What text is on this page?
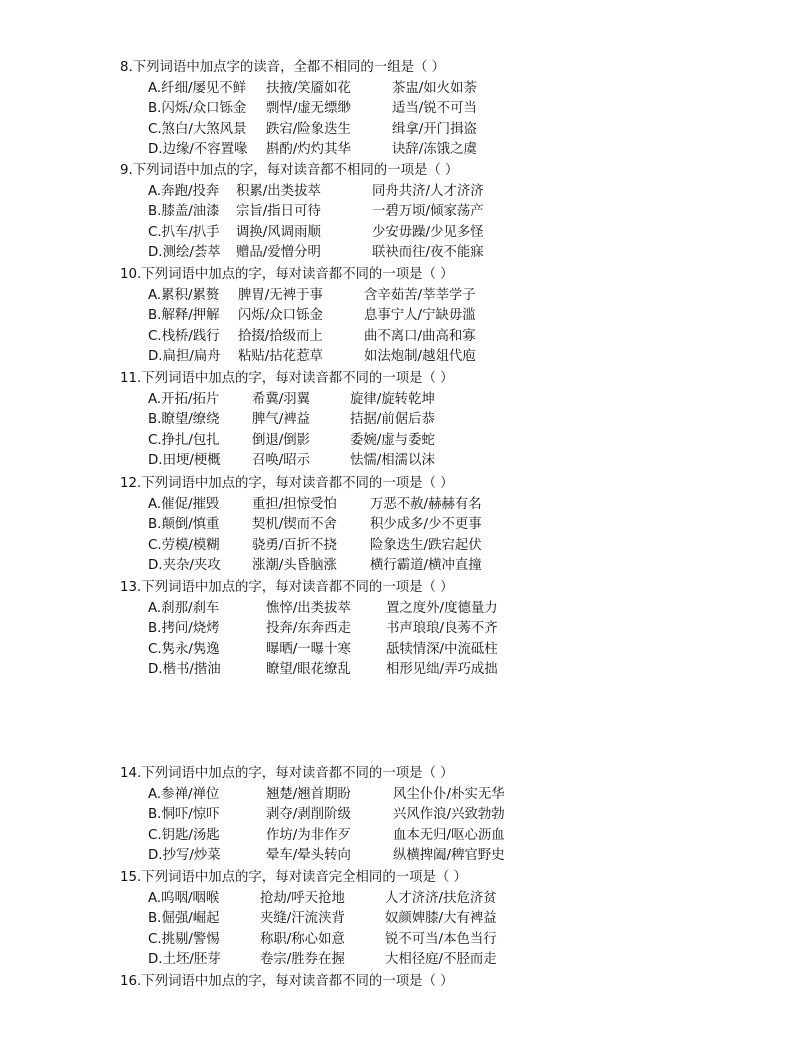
8.下列词语中加点字的读音，全都不相同的一组是（ ）
A.纤细/屡见不鲜 扶掖/笑靥如花	茶盅/如火如荼
B.闪烁/众口铄金 剽悍/虚无缥缈	适当/锐不可当
C.煞白/大煞风景 跌宕/险象迭生	缉拿/开门揖盗
D.边缘/不容置喙 斟酌/灼灼其华	诀辞/冻饿之虞
9.下列词语中加点的字，每对读音都不相同的一项是（ ）
A.奔跑/投奔 积累/出类拔萃	同舟共济/人才济济
B.膝盖/油漆 宗旨/指日可待	一碧万顷/倾家荡产
C.扒车/扒手 调换/风调雨顺	少安毋躁/少见多怪
D.测绘/荟萃 赠品/爱憎分明	联袂而往/夜不能寐
10.下列词语中加点的字，每对读音都不同的一项是（ ）
A.累积/累赘 脾胃/无裨于事	含辛茹苦/莘莘学子
B.解释/押解 闪烁/众口铄金	息事宁人/宁缺毋滥
C.栈桥/践行 拾掇/拾级而上	曲不离口/曲高和寡
D.扁担/扁舟 粘贴/拈花惹草	如法炮制/越俎代庖
11.下列词语中加点的字，每对读音都不同的一项是（ ）
A.开拓/拓片 希冀/羽翼	旋律/旋转乾坤
B.瞭望/缭绕 脾气/裨益	拮据/前倨后恭
C.挣扎/包扎 倒退/倒影	委婉/虚与委蛇
D.田埂/梗概 召唤/昭示	怯懦/相濡以沫
12.下列词语中加点的字，每对读音都不同的一项是（ ）
A.催促/摧毁 重担/担惊受怕 万恶不赦/赫赫有名
B.颠倒/慎重 契机/锲而不舍 积少成多/少不更事
C.劳模/模糊 骁勇/百折不挠 险象迭生/跌宕起伏
D.夹杂/夹攻 涨潮/头昏脑涨 横行霸道/横冲直撞
13.下列词语中加点的字，每对读音都不同的一项是（ ）
A.刹那/刹车	憔悴/出类拔萃	置之度外/度德量力
B.拷问/烧烤	投奔/东奔西走	书声琅琅/良莠不齐
C.隽永/隽逸	曝晒/一曝十寒	舐犊情深/中流砥柱
D.楷书/揩油	瞭望/眼花缭乱	相形见绌/弄巧成拙
14.下列词语中加点的字，每对读音都不同的一项是（ ）
A.参禅/禅位	翘楚/翘首期盼	风尘仆仆/朴实无华
B.恫吓/惊吓	剥夺/剥削阶级	兴风作浪/兴致勃勃
C.钥匙/汤匙	作坊/为非作歹	血本无归/呕心沥血
D.抄写/炒菜	晕车/晕头转向	纵横捭阖/稗官野史
15.下列词语中加点的字，每对读音完全相同的一项是（ ）
A.呜咽/咽喉	抢劫/呼天抢地	人才济济/扶危济贫
B.倔强/崛起	夹缝/汗流浃背	奴颜婢膝/大有裨益
C.挑剔/警惕	称职/称心如意	锐不可当/本色当行
D.土坯/胚芽	卷宗/胜券在握	大相径庭/不胫而走
16.下列词语中加点的字，每对读音都不同的一项是（ ）
